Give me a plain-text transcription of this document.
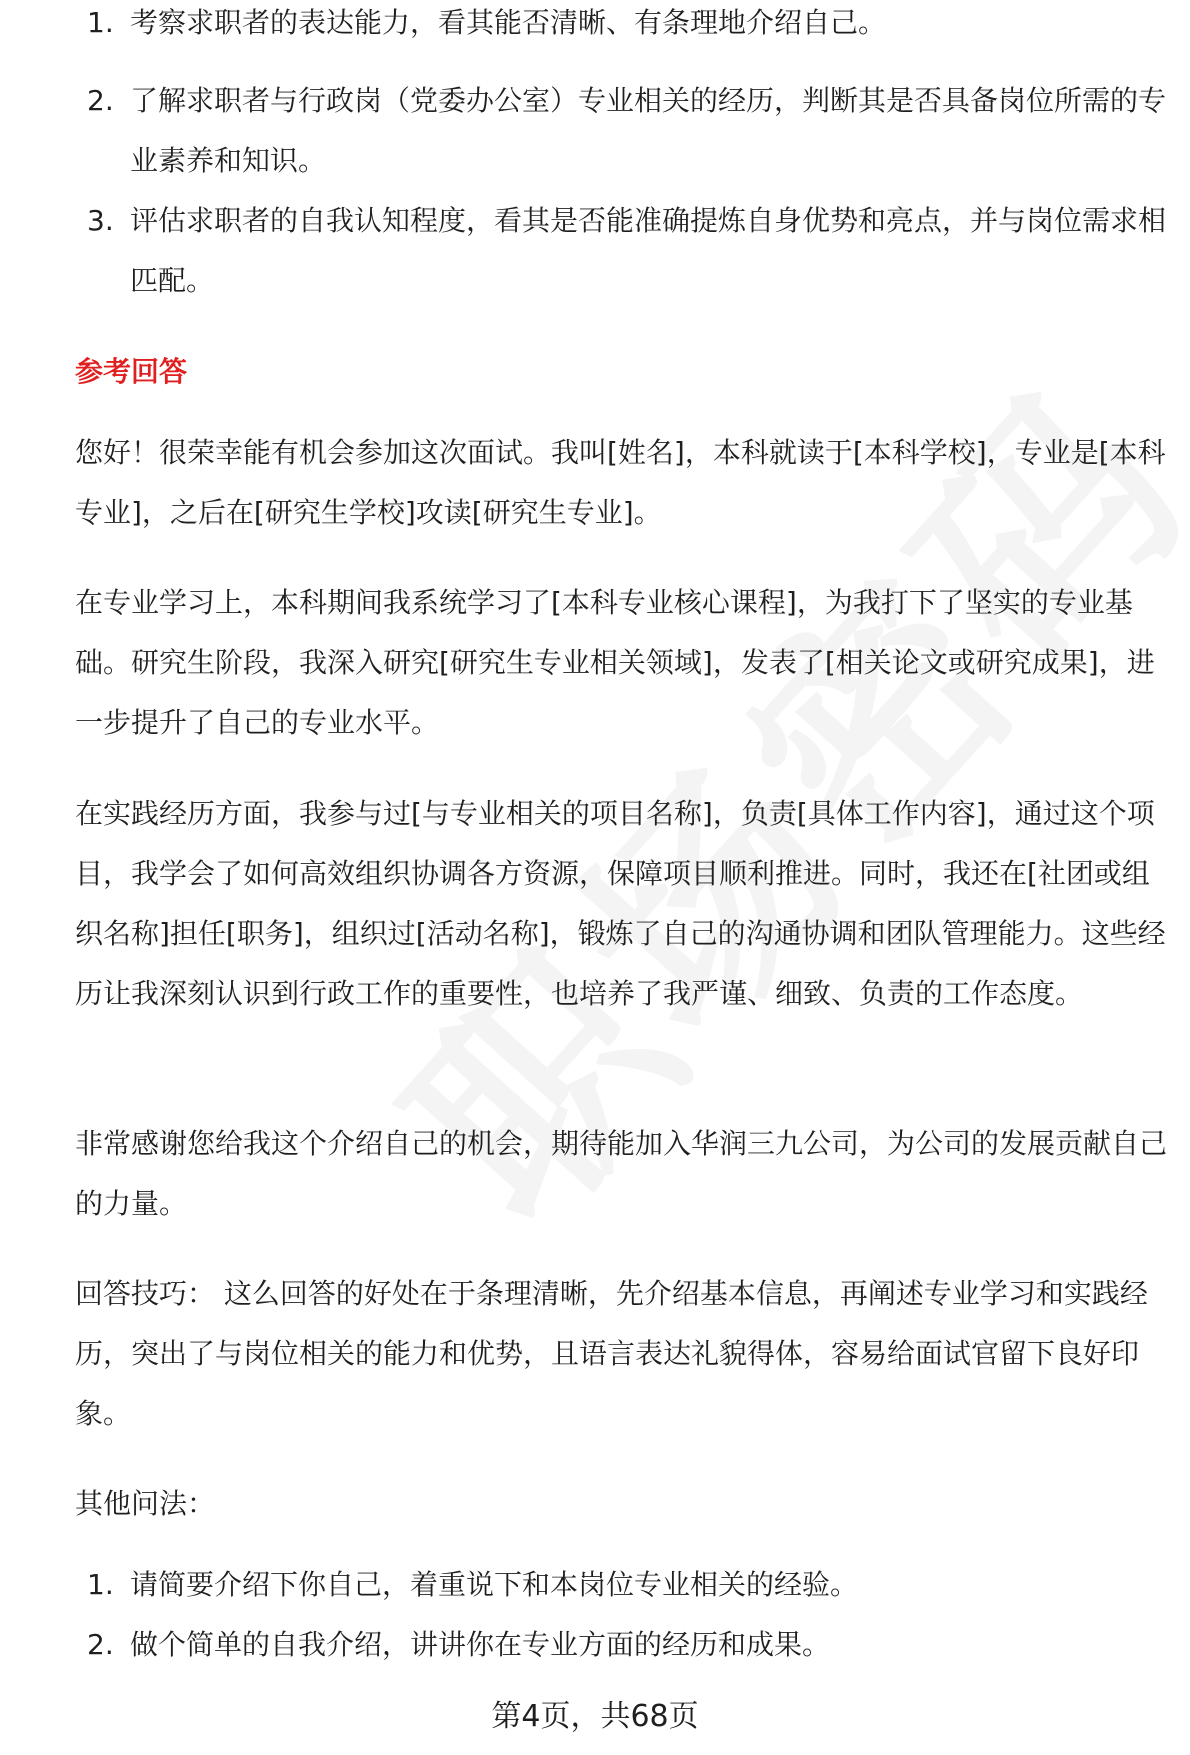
1. 考察求职者的表达能力，看其能否清晰、有条理地介绍自己。
2. 了解求职者与行政岗（党委办公室）专业相关的经历，判断其是否具备岗位所需的专业素养和知识。
3. 评估求职者的自我认知程度，看其是否能准确提炼自身优势和亮点，并与岗位需求相匹配。
参考回答

您好！很荣幸能有机会参加这次面试。我叫[姓名]，本科就读于[本科学校]，专业是[本科专业]，之后在[研究生学校]攻读[研究生专业]。

在专业学习上，本科期间我系统学习了[本科专业核心课程]，为我打下了坚实的专业基础。研究生阶段，我深入研究[研究生专业相关领域]，发表了[相关论文或研究成果]，进一步提升了自己的专业水平。

在实践经历方面，我参与过[与专业相关的项目名称]，负责[具体工作内容]，通过这个项目，我学会了如何高效组织协调各方资源，保障项目顺利推进。同时，我还在[社团或组织名称]担任[职务]，组织过[活动名称]，锻炼了自己的沟通协调和团队管理能力。这些经历让我深刻认识到行政工作的重要性，也培养了我严谨、细致、负责的工作态度。

非常感谢您给我这个介绍自己的机会，期待能加入华润三九公司，为公司的发展贡献自己的力量。

回答技巧： 这么回答的好处在于条理清晰，先介绍基本信息，再阐述专业学习和实践经历，突出了与岗位相关的能力和优势，且语言表达礼貌得体，容易给面试官留下良好印象。

其他问法：

1. 请简要介绍下你自己，着重说下和本岗位专业相关的经验。
2. 做个简单的自我介绍，讲讲你在专业方面的经历和成果。
第4页，共68页
